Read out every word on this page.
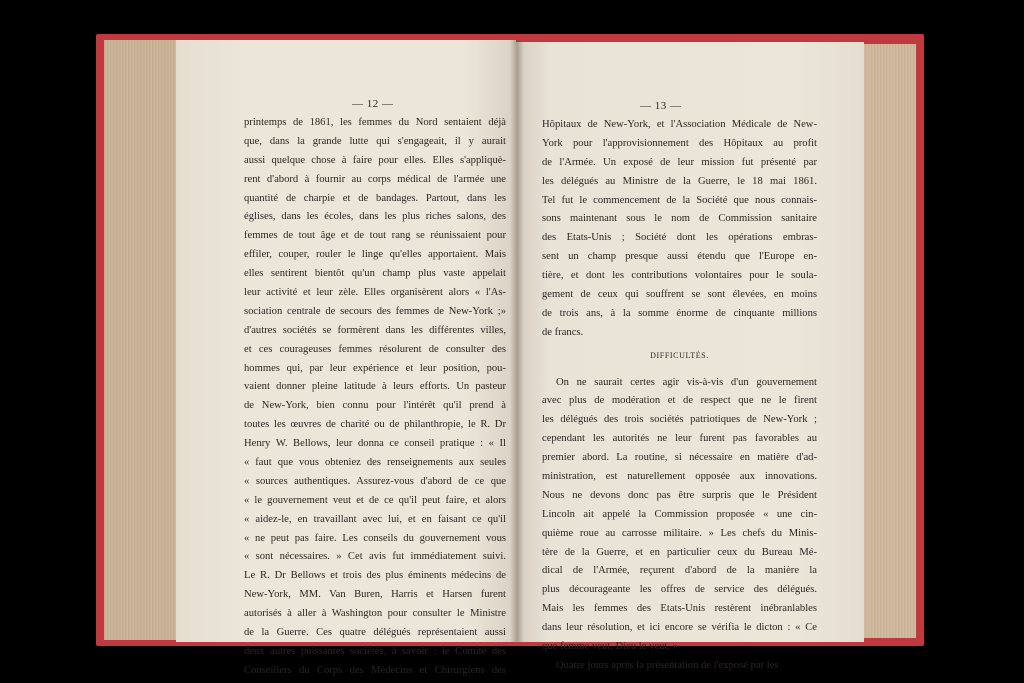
— 12 —
printemps de 1861, les femmes du Nord sentaient déjà
que, dans la grande lutte qui s'engageait, il y aurait
aussi quelque chose à faire pour elles. Elles s'appliquè-
rent d'abord à fournir au corps médical de l'armée une
quantité de charpie et de bandages. Partout, dans les
églises, dans les écoles, dans les plus riches salons, des
femmes de tout âge et de tout rang se réunissaient pour
effiler, couper, rouler le linge qu'elles apportaient. Mais
elles sentirent bientôt qu'un champ plus vaste appelait
leur activité et leur zèle. Elles organisèrent alors « l'As-
sociation centrale de secours des femmes de New-York ;»
d'autres sociétés se formèrent dans les différentes villes,
et ces courageuses femmes résolurent de consulter des
hommes qui, par leur expérience et leur position, pou-
vaient donner pleine latitude à leurs efforts. Un pasteur
de New-York, bien connu pour l'intérêt qu'il prend à
toutes les œuvres de charité ou de philanthropie, le R. Dr
Henry W. Bellows, leur donna ce conseil pratique : « Il
« faut que vous obteniez des renseignements aux seules
« sources authentiques. Assurez-vous d'abord de ce que
« le gouvernement veut et de ce qu'il peut faire, et alors
« aidez-le, en travaillant avec lui, et en faisant ce qu'il
« ne peut pas faire. Les conseils du gouvernement vous
« sont nécessaires. » Cet avis fut immédiatement suivi.
Le R. Dr Bellows et trois des plus éminents médecins de
New-York, MM. Van Buren, Harris et Harsen furent
autorisés à aller à Washington pour consulter le Ministre
de la Guerre. Ces quatre délégués représentaient aussi
deux autres puissantes sociétés, à savoir : le Comité des
Conseillers du Corps des Médecins et Chirurgiens des
— 13 —
Hôpitaux de New-York, et l'Association Médicale de New-
York pour l'approvisionnement des Hôpitaux au profit
de l'Armée. Un exposé de leur mission fut présenté par
les délégués au Ministre de la Guerre, le 18 mai 1861.
Tel fut le commencement de la Société que nous connais-
sons maintenant sous le nom de Commission sanitaire
des Etats-Unis ; Société dont les opérations embras-
sent un champ presque aussi étendu que l'Europe en-
tière, et dont les contributions volontaires pour le soula-
gement de ceux qui souffrent se sont élevées, en moins
de trois ans, à la somme énorme de cinquante millions
de francs.
DIFFICULTÉS.
On ne saurait certes agir vis-à-vis d'un gouvernement
avec plus de modération et de respect que ne le firent
les délégués des trois sociétés patriotiques de New-York ;
cependant les autorités ne leur furent pas favorables au
premier abord. La routine, si nécessaire en matière d'ad-
ministration, est naturellement opposée aux innovations.
Nous ne devons donc pas être surpris que le Président
Lincoln ait appelé la Commission proposée « une cin-
quième roue au carrosse militaire. » Les chefs du Minis-
tère de la Guerre, et en particulier ceux du Bureau Mé-
dical de l'Armée, reçurent d'abord de la manière la
plus décourageante les offres de service des délégués.
Mais les femmes des Etats-Unis restèrent inébranlables
dans leur résolution, et ici encore se vérifia le dicton : « Ce
que femme veut, Dieu le veut. »
Quatre jours après la présentation de l'exposé par les
